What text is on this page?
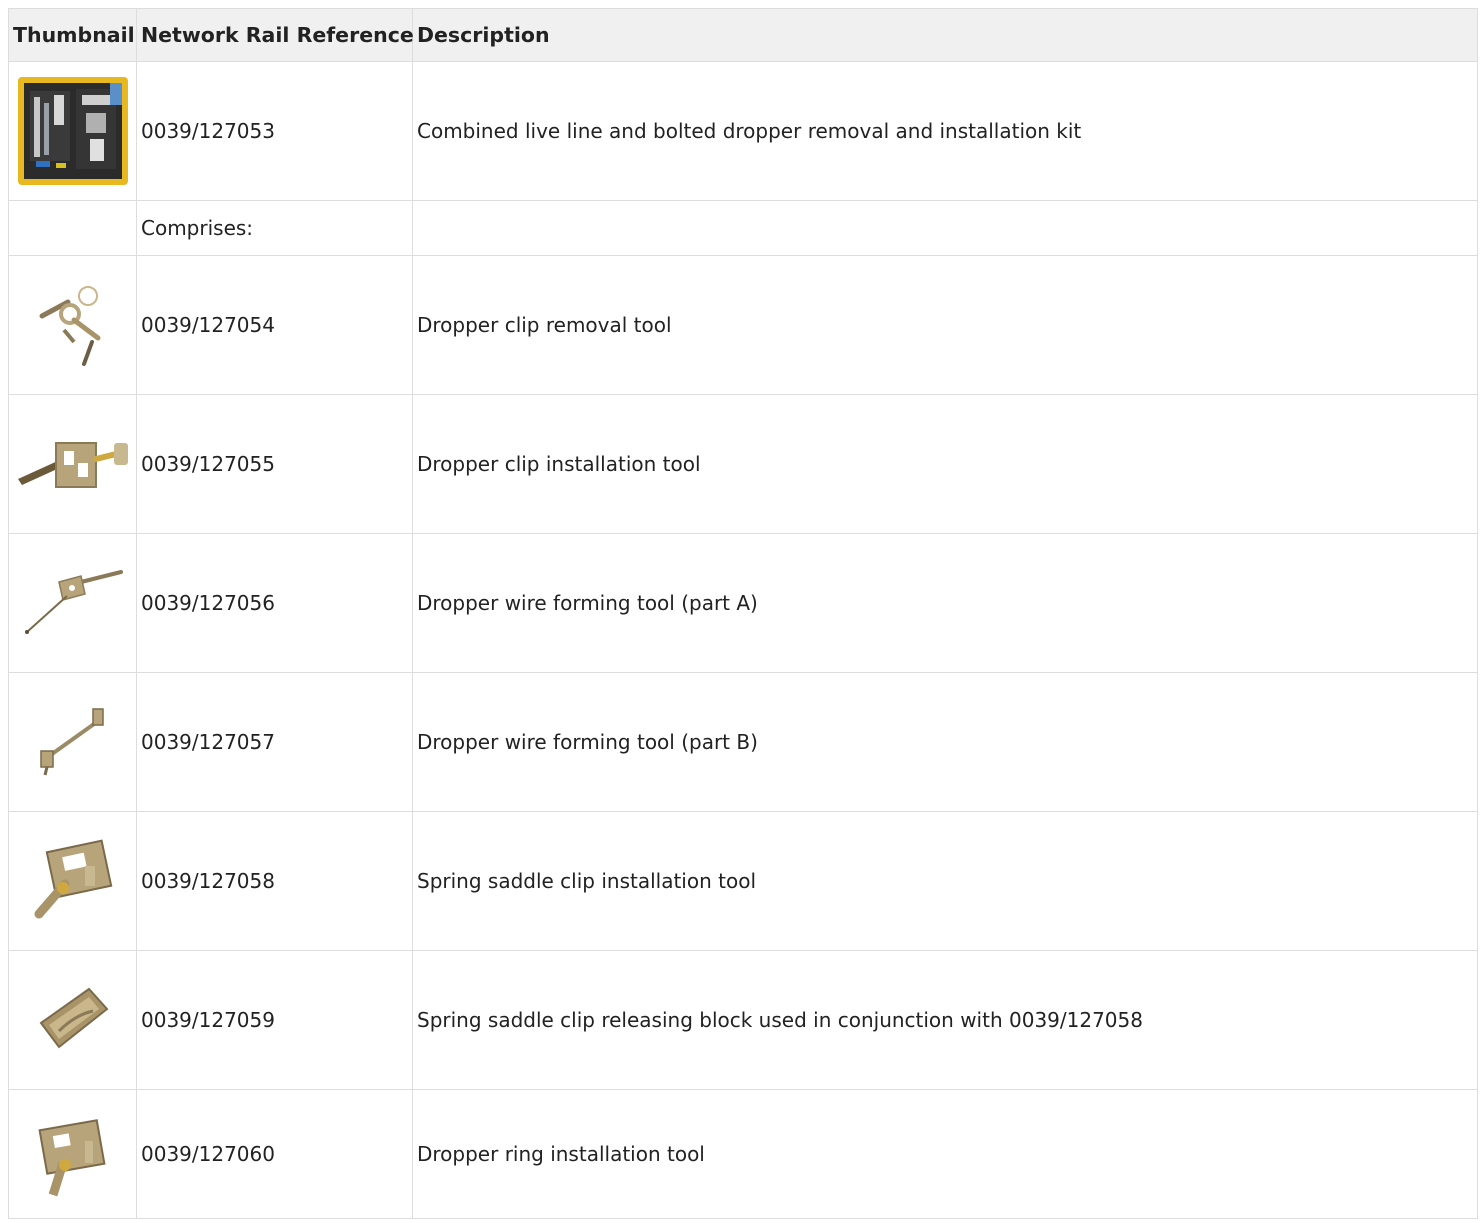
Thumbnail	Network Rail Reference	Description

	0039/127053	Combined live line and bolted dropper removal and installation kit
	Comprises:	

	0039/127054	Dropper clip removal tool

	0039/127055	Dropper clip installation tool

	0039/127056	Dropper wire forming tool (part A)

	0039/127057	Dropper wire forming tool (part B)

	0039/127058	Spring saddle clip installation tool

	0039/127059	Spring saddle clip releasing block used in conjunction with 0039/127058

	0039/127060	Dropper ring installation tool
